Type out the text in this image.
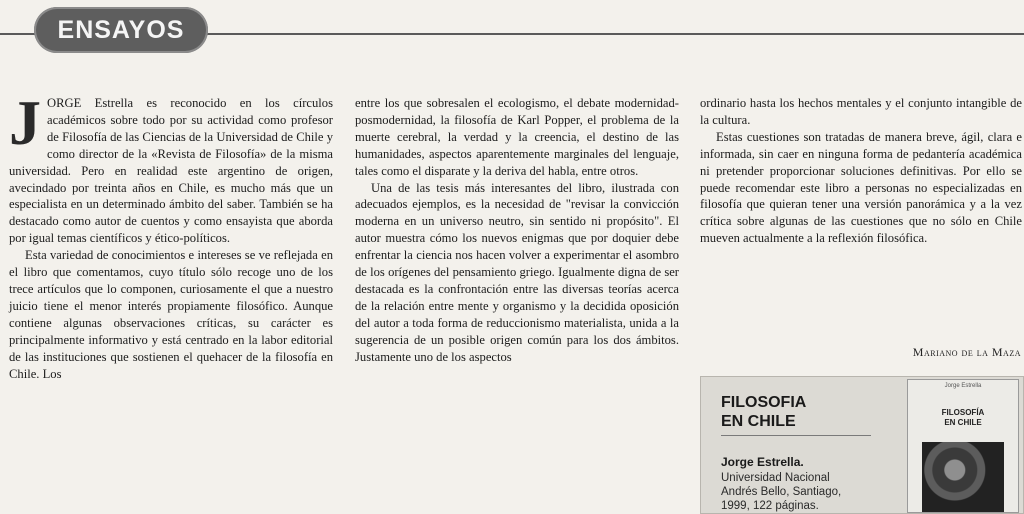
ENSAYOS

JORGE Estrella es reconocido en los círculos académicos sobre todo por su actividad como profesor de Filosofía de las Ciencias de la Universidad de Chile y como director de la «Revista de Filosofía» de la misma universidad. Pero en realidad este argentino de origen, avecindado por treinta años en Chile, es mucho más que un especialista en un determinado ámbito del saber. También se ha destacado como autor de cuentos y como ensayista que aborda por igual temas científicos y ético-políticos.

Esta variedad de conocimientos e intereses se ve reflejada en el libro que comentamos, cuyo título sólo recoge uno de los trece artículos que lo componen, curiosamente el que a nuestro juicio tiene el menor interés propiamente filosófico. Aunque contiene algunas observaciones críticas, su carácter es principalmente informativo y está centrado en la labor editorial de las instituciones que sostienen el quehacer de la filosofía en Chile. Los

entre los que sobresalen el ecologismo, el debate modernidad-posmodernidad, la filosofía de Karl Popper, el problema de la muerte cerebral, la verdad y la creencia, el destino de las humanidades, aspectos aparentemente marginales del lenguaje, tales como el disparate y la deriva del habla, entre otros.

Una de las tesis más interesantes del libro, ilustrada con adecuados ejemplos, es la necesidad de "revisar la convicción moderna en un universo neutro, sin sentido ni propósito". El autor muestra cómo los nuevos enigmas que por doquier debe enfrentar la ciencia nos hacen volver a experimentar el asombro de los orígenes del pensamiento griego. Igualmente digna de ser destacada es la confrontación entre las diversas teorías acerca de la relación entre mente y organismo y la decidida oposición del autor a toda forma de reduccionismo materialista, unida a la sugerencia de un posible origen común para los dos ámbitos. Justamente uno de los aspectos

ordinario hasta los hechos mentales y el conjunto intangible de la cultura.

Estas cuestiones son tratadas de manera breve, ágil, clara e informada, sin caer en ninguna forma de pedantería académica ni pretender proporcionar soluciones definitivas. Por ello se puede recomendar este libro a personas no especializadas en filosofía que quieran tener una versión panorámica y a la vez crítica sobre algunas de las cuestiones que no sólo en Chile mueven actualmente a la reflexión filosófica.

Mariano de la Maza
FILOSOFIA
EN CHILE
Jorge Estrella.
Universidad Nacional
Andrés Bello, Santiago,
1999, 122 páginas.
Jorge Estrella
FILOSOFÍA
EN CHILE
